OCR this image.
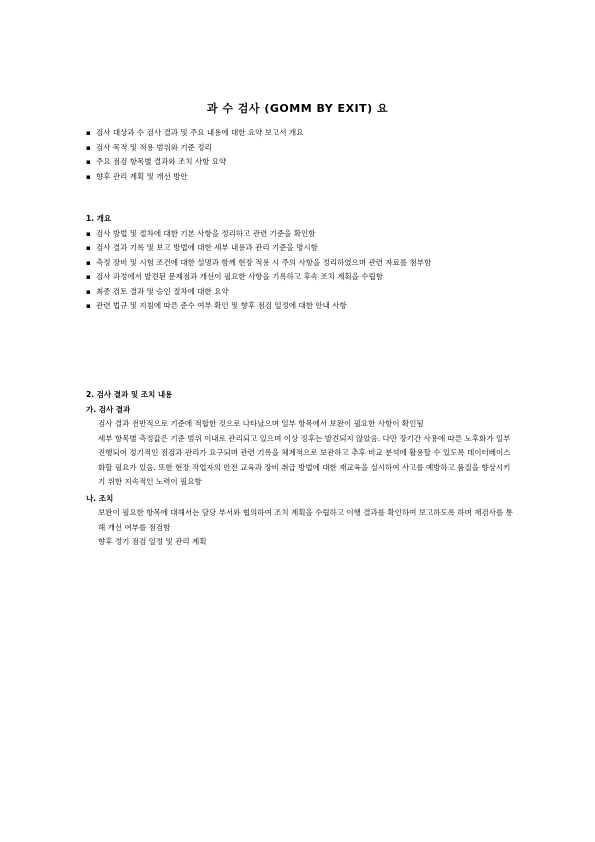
과 수 검사 (GOMM BY EXIT) 요
▪ 검사 대상과 수 검사 결과 및 주요 내용에 대한 요약 보고서 개요
▪ 검사 목적 및 적용 범위와 기준 정리
▪ 주요 점검 항목별 결과와 조치 사항 요약
▪ 향후 관리 계획 및 개선 방안
1. 개요
▪ 검사 방법 및 절차에 대한 기본 사항을 정리하고 관련 기준을 확인함
▪ 검사 결과 기록 및 보고 방법에 대한 세부 내용과 관리 기준을 명시함
▪ 측정 장비 및 시험 조건에 대한 설명과 함께 현장 적용 시 주의 사항을 정리하였으며 관련 자료를 첨부함
▪ 검사 과정에서 발견된 문제점과 개선이 필요한 사항을 기록하고 후속 조치 계획을 수립함
▪ 최종 검토 결과 및 승인 절차에 대한 요약
▪ 관련 법규 및 지침에 따른 준수 여부 확인 및 향후 점검 일정에 대한 안내 사항
2. 검사 결과 및 조치 내용
가. 검사 결과
검사 결과 전반적으로 기준에 적합한 것으로 나타났으며 일부 항목에서 보완이 필요한 사항이 확인됨
세부 항목별 측정값은 기준 범위 이내로 관리되고 있으며 이상 징후는 발견되지 않았음. 다만 장기간 사용에 따른 노후화가 일부 진행되어 정기적인 점검과 관리가 요구되며 관련 기록을 체계적으로 보관하고 추후 비교 분석에 활용할 수 있도록 데이터베이스화할 필요가 있음. 또한 현장 작업자의 안전 교육과 장비 취급 방법에 대한 재교육을 실시하여 사고를 예방하고 품질을 향상시키기 위한 지속적인 노력이 필요함
나. 조치
보완이 필요한 항목에 대해서는 담당 부서와 협의하여 조치 계획을 수립하고 이행 결과를 확인하여 보고하도록 하며 재검사를 통해 개선 여부를 점검함
향후 정기 점검 일정 및 관리 계획
